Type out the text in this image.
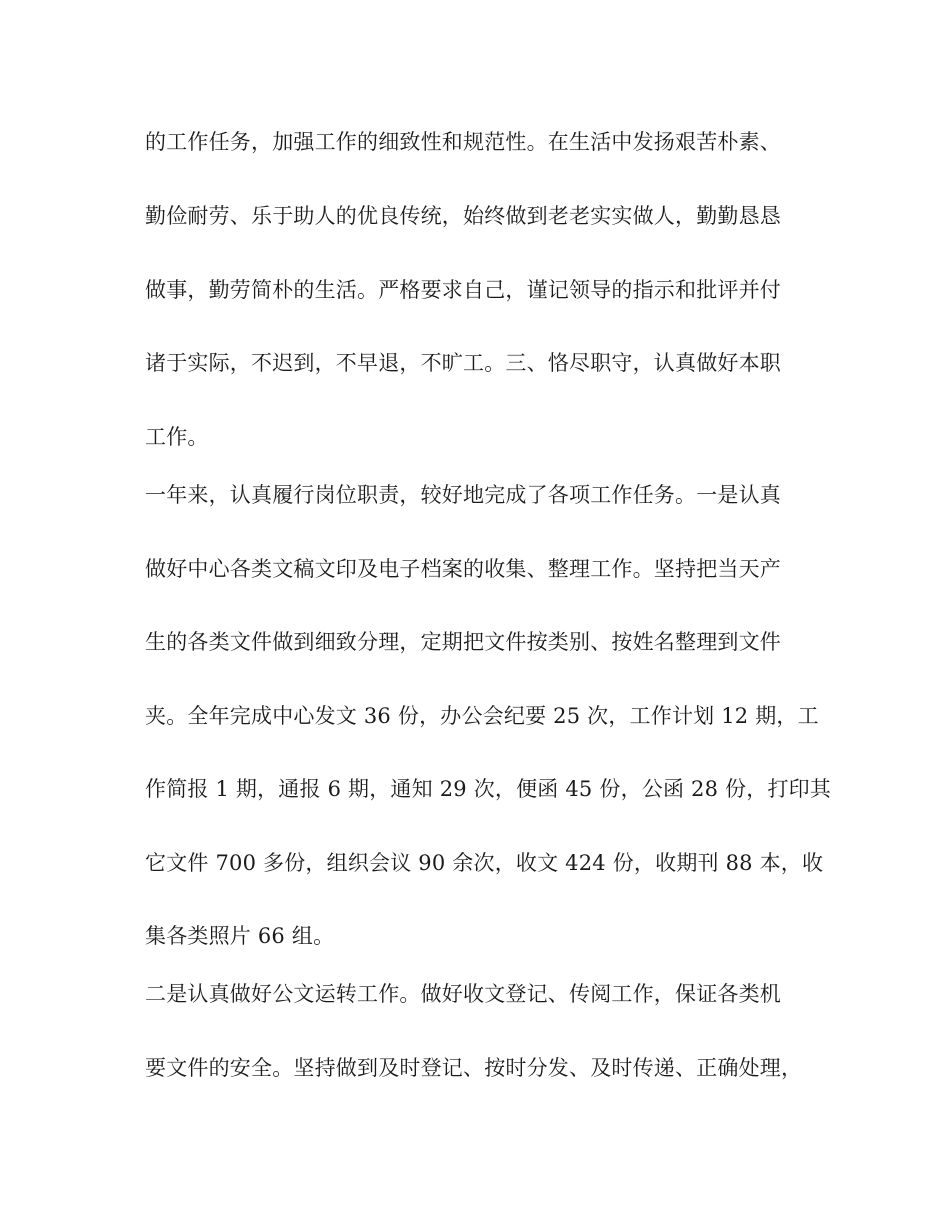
的工作任务，加强工作的细致性和规范性。在生活中发扬艰苦朴素、
勤俭耐劳、乐于助人的优良传统，始终做到老老实实做人，勤勤恳恳
做事，勤劳简朴的生活。严格要求自己，谨记领导的指示和批评并付
诸于实际，不迟到，不早退，不旷工。三、恪尽职守，认真做好本职
工作。
一年来，认真履行岗位职责，较好地完成了各项工作任务。一是认真
做好中心各类文稿文印及电子档案的收集、整理工作。坚持把当天产
生的各类文件做到细致分理，定期把文件按类别、按姓名整理到文件
夹。全年完成中心发文 36 份，办公会纪要 25 次，工作计划 12 期，工
作简报 1 期，通报 6 期，通知 29 次，便函 45 份，公函 28 份，打印其
它文件 700 多份，组织会议 90 余次，收文 424 份，收期刊 88 本，收
集各类照片 66 组。
二是认真做好公文运转工作。做好收文登记、传阅工作，保证各类机
要文件的安全。坚持做到及时登记、按时分发、及时传递、正确处理，
